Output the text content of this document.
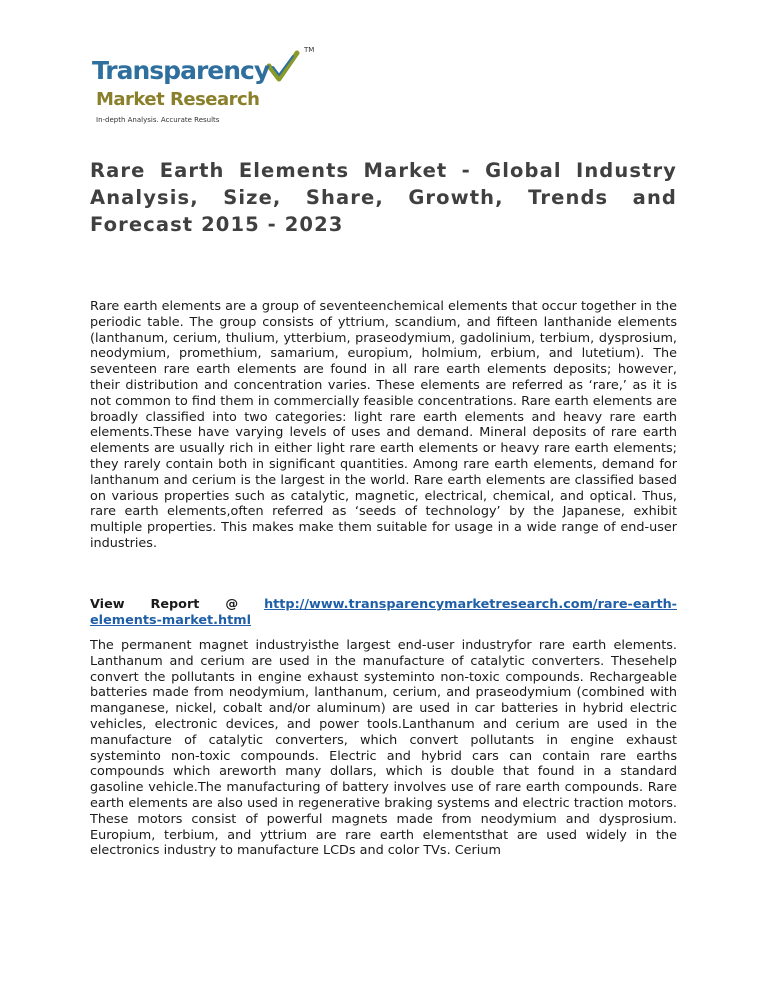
TM
Transparency
Market Research
In-depth Analysis. Accurate Results
Rare Earth Elements Market - Global Industry Analysis, Size, Share, Growth, Trends and Forecast 2015 - 2023

Rare earth elements are a group of seventeenchemical elements that occur together in the periodic table. The group consists of yttrium, scandium, and fifteen lanthanide elements (lanthanum, cerium, thulium, ytterbium, praseodymium, gadolinium, terbium, dysprosium, neodymium, promethium, samarium, europium, holmium, erbium, and lutetium). The seventeen rare earth elements are found in all rare earth elements deposits; however, their distribution and concentration varies. These elements are referred as ‘rare,’ as it is not common to find them in commercially feasible concentrations. Rare earth elements are broadly classified into two categories: light rare earth elements and heavy rare earth elements.These have varying levels of uses and demand. Mineral deposits of rare earth elements are usually rich in either light rare earth elements or heavy rare earth elements; they rarely contain both in significant quantities. Among rare earth elements, demand for lanthanum and cerium is the largest in the world. Rare earth elements are classified based on various properties such as catalytic, magnetic, electrical, chemical, and optical. Thus, rare earth elements,often referred as ‘seeds of technology’ by the Japanese, exhibit multiple properties. This makes make them suitable for usage in a wide range of end-user industries.

View Report @ http://www.transparencymarketresearch.com/rare-earth-elements-market.html

The permanent magnet industryisthe largest end-user industryfor rare earth elements. Lanthanum and cerium are used in the manufacture of catalytic converters. Thesehelp convert the pollutants in engine exhaust systeminto non-toxic compounds. Rechargeable batteries made from neodymium, lanthanum, cerium, and praseodymium (combined with manganese, nickel, cobalt and/or aluminum) are used in car batteries in hybrid electric vehicles, electronic devices, and power tools.Lanthanum and cerium are used in the manufacture of catalytic converters, which convert pollutants in engine exhaust systeminto non-toxic compounds. Electric and hybrid cars can contain rare earths compounds which areworth many dollars, which is double that found in a standard gasoline vehicle.The manufacturing of battery involves use of rare earth compounds. Rare earth elements are also used in regenerative braking systems and electric traction motors. These motors consist of powerful magnets made from neodymium and dysprosium. Europium, terbium, and yttrium are rare earth elementsthat are used widely in the electronics industry to manufacture LCDs and color TVs. Cerium
